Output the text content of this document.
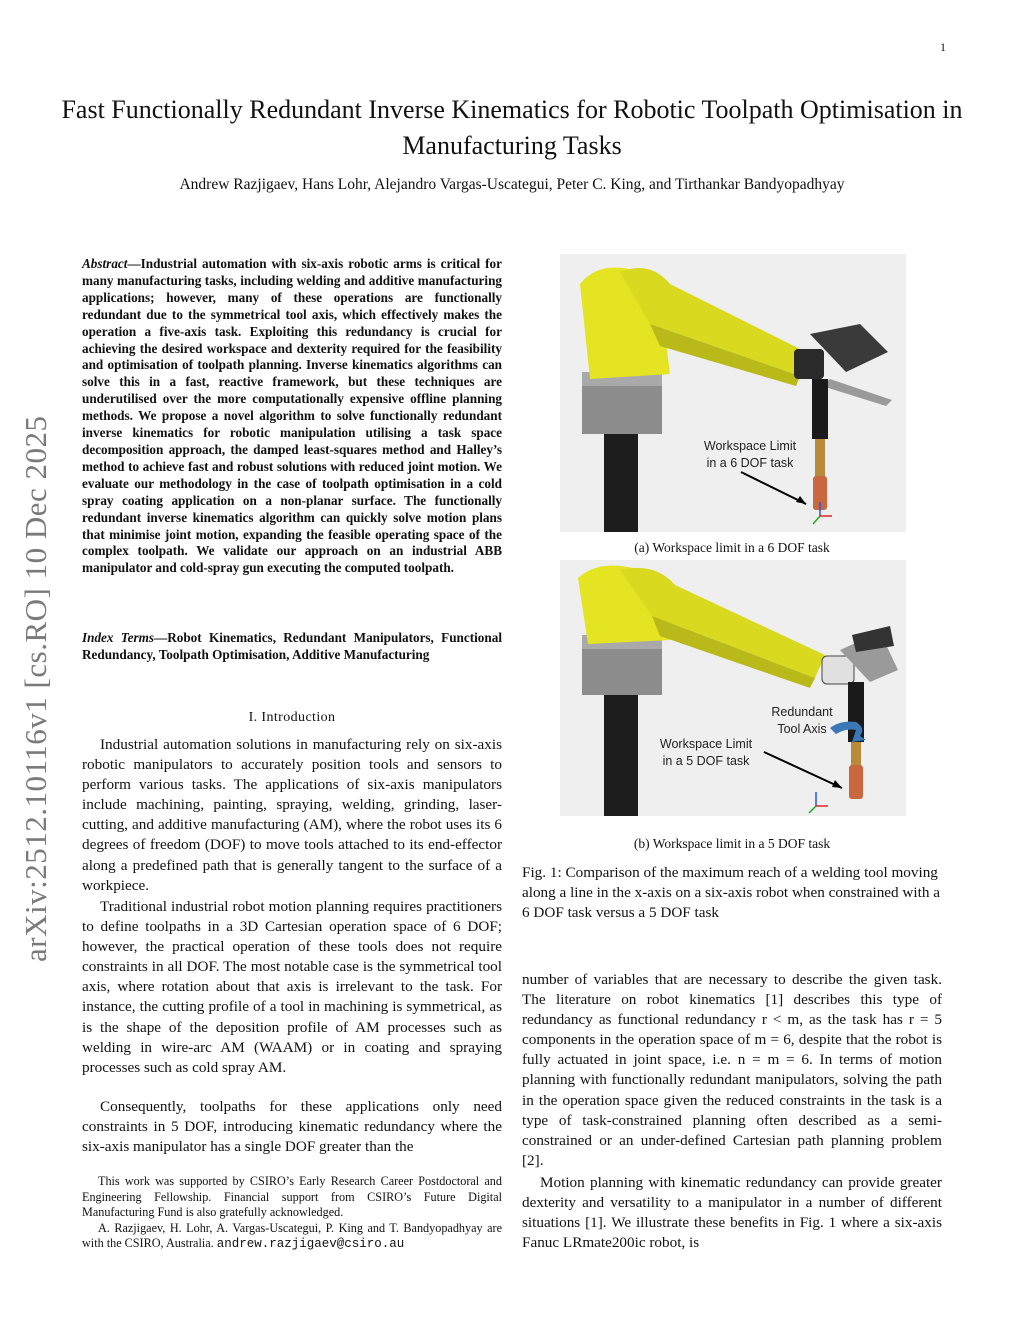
1
Fast Functionally Redundant Inverse Kinematics for Robotic Toolpath Optimisation in Manufacturing Tasks
Andrew Razjigaev, Hans Lohr, Alejandro Vargas-Uscategui, Peter C. King, and Tirthankar Bandyopadhyay
arXiv:2512.10116v1 [cs.RO] 10 Dec 2025
Abstract—Industrial automation with six-axis robotic arms is critical for many manufacturing tasks, including welding and additive manufacturing applications; however, many of these operations are functionally redundant due to the symmetrical tool axis, which effectively makes the operation a five-axis task. Exploiting this redundancy is crucial for achieving the desired workspace and dexterity required for the feasibility and optimisation of toolpath planning. Inverse kinematics algorithms can solve this in a fast, reactive framework, but these techniques are underutilised over the more computationally expensive offline planning methods. We propose a novel algorithm to solve functionally redundant inverse kinematics for robotic manipulation utilising a task space decomposition approach, the damped least-squares method and Halley’s method to achieve fast and robust solutions with reduced joint motion. We evaluate our methodology in the case of toolpath optimisation in a cold spray coating application on a non-planar surface. The functionally redundant inverse kinematics algorithm can quickly solve motion plans that minimise joint motion, expanding the feasible operating space of the complex toolpath. We validate our approach on an industrial ABB manipulator and cold-spray gun executing the computed toolpath.
Index Terms—Robot Kinematics, Redundant Manipulators, Functional Redundancy, Toolpath Optimisation, Additive Manufacturing
I. Introduction
Industrial automation solutions in manufacturing rely on six-axis robotic manipulators to accurately position tools and sensors to perform various tasks. The applications of six-axis manipulators include machining, painting, spraying, welding, grinding, laser-cutting, and additive manufacturing (AM), where the robot uses its 6 degrees of freedom (DOF) to move tools attached to its end-effector along a predefined path that is generally tangent to the surface of a workpiece.
Traditional industrial robot motion planning requires practitioners to define toolpaths in a 3D Cartesian operation space of 6 DOF; however, the practical operation of these tools does not require constraints in all DOF. The most notable case is the symmetrical tool axis, where rotation about that axis is irrelevant to the task. For instance, the cutting profile of a tool in machining is symmetrical, as is the shape of the deposition profile of AM processes such as welding in wire-arc AM (WAAM) or in coating and spraying processes such as cold spray AM.
Consequently, toolpaths for these applications only need constraints in 5 DOF, introducing kinematic redundancy where the six-axis manipulator has a single DOF greater than the
This work was supported by CSIRO’s Early Research Career Postdoctoral and Engineering Fellowship. Financial support from CSIRO’s Future Digital Manufacturing Fund is also gratefully acknowledged.
A. Razjigaev, H. Lohr, A. Vargas-Uscategui, P. King and T. Bandyopadhyay are with the CSIRO, Australia. andrew.razjigaev@csiro.au
Workspace Limit
in a 6 DOF task
(a) Workspace limit in a 6 DOF task
Workspace Limit
in a 5 DOF task
Redundant
Tool Axis
(b) Workspace limit in a 5 DOF task
Fig. 1: Comparison of the maximum reach of a welding tool moving along a line in the x-axis on a six-axis robot when constrained with a 6 DOF task versus a 5 DOF task
number of variables that are necessary to describe the given task. The literature on robot kinematics [1] describes this type of redundancy as functional redundancy r < m, as the task has r = 5 components in the operation space of m = 6, despite that the robot is fully actuated in joint space, i.e. n = m = 6. In terms of motion planning with functionally redundant manipulators, solving the path in the operation space given the reduced constraints in the task is a type of task-constrained planning often described as a semi-constrained or an under-defined Cartesian path planning problem [2].
Motion planning with kinematic redundancy can provide greater dexterity and versatility to a manipulator in a number of different situations [1]. We illustrate these benefits in Fig. 1 where a six-axis Fanuc LRmate200ic robot, is
